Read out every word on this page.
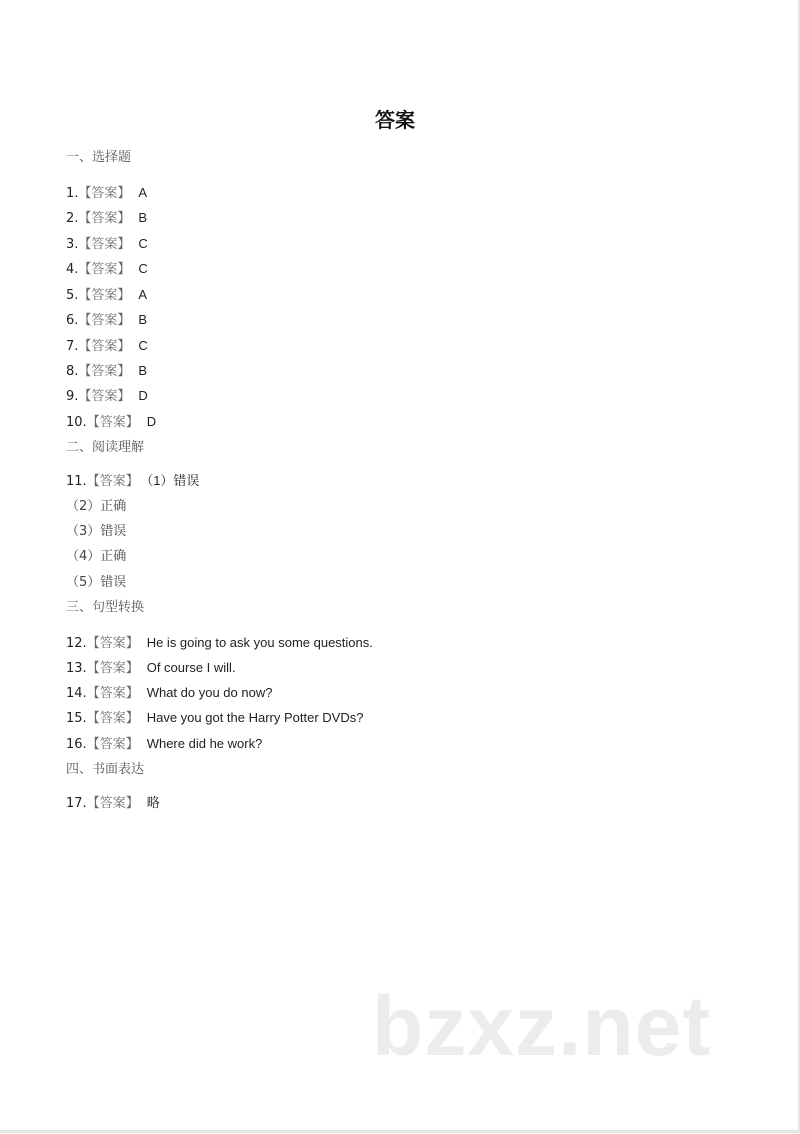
答案
一、选择题
1.【答案】 A
2.【答案】 B
3.【答案】 C
4.【答案】 C
5.【答案】 A
6.【答案】 B
7.【答案】 C
8.【答案】 B
9.【答案】 D
10.【答案】 D
二、阅读理解
11.【答案】 （1）错误
（2）正确
（3）错误
（4）正确
（5）错误
三、句型转换
12.【答案】 He is going to ask you some questions.
13.【答案】 Of course I will.
14.【答案】 What do you do now?
15.【答案】 Have you got the Harry Potter DVDs?
16.【答案】 Where did he work?
四、书面表达
17.【答案】 略
bzxz.net
